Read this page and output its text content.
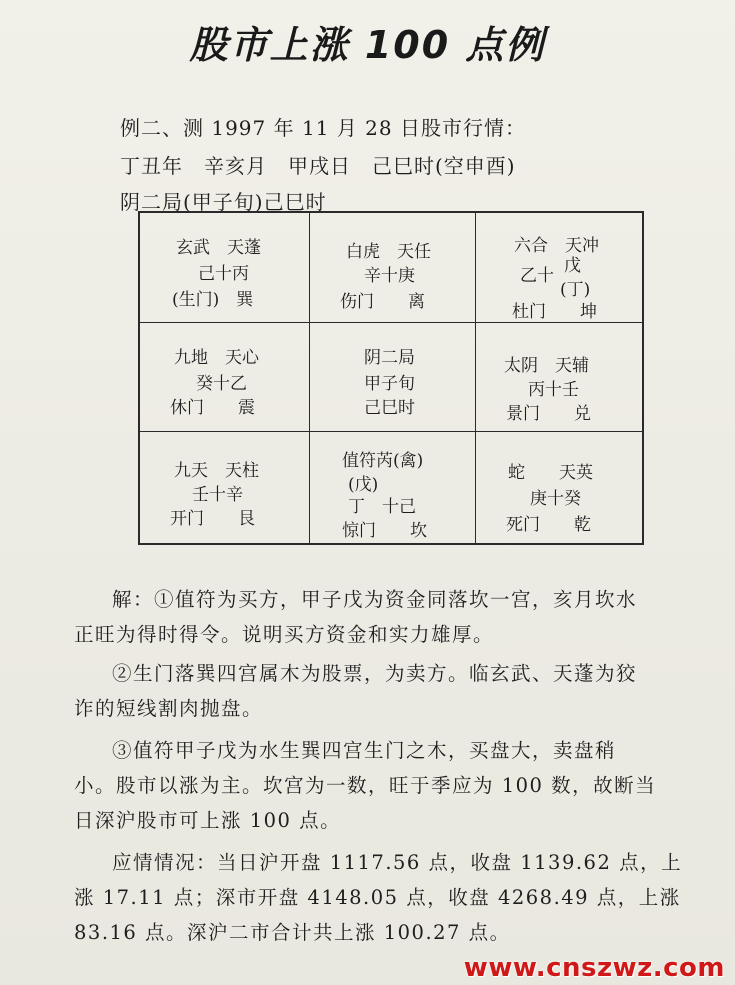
股市上涨 100 点例
例二、测 1997 年 11 月 28 日股市行情：
丁丑年　辛亥月　甲戌日　己巳时(空申酉)
阴二局(甲子旬)己巳时
玄武　天蓬
己十丙
(生门)　巽
白虎　天任
辛十庚
伤门　　离
六合　天冲
乙十 戊
(丁)
杜门　　坤
九地　天心
癸十乙
休门　　震
阴二局
甲子旬
己巳时
太阴　天辅
丙十壬
景门　　兑
九天　天柱
壬十辛
开门　　艮
值符芮(禽)
(戊)
丁　十己
惊门　　坎
蛇　　天英
庚十癸
死门　　乾
解：①值符为买方，甲子戊为资金同落坎一宫，亥月坎水
正旺为得时得令。说明买方资金和实力雄厚。
②生门落巽四宫属木为股票，为卖方。临玄武、天蓬为狡
诈的短线割肉抛盘。
③值符甲子戊为水生巽四宫生门之木，买盘大，卖盘稍
小。股市以涨为主。坎宫为一数，旺于季应为 100 数，故断当
日深沪股市可上涨 100 点。
应情情况：当日沪开盘 1117.56 点，收盘 1139.62 点，上
涨 17.11 点；深市开盘 4148.05 点，收盘 4268.49 点，上涨
83.16 点。深沪二市合计共上涨 100.27 点。
www.cnszwz.com
